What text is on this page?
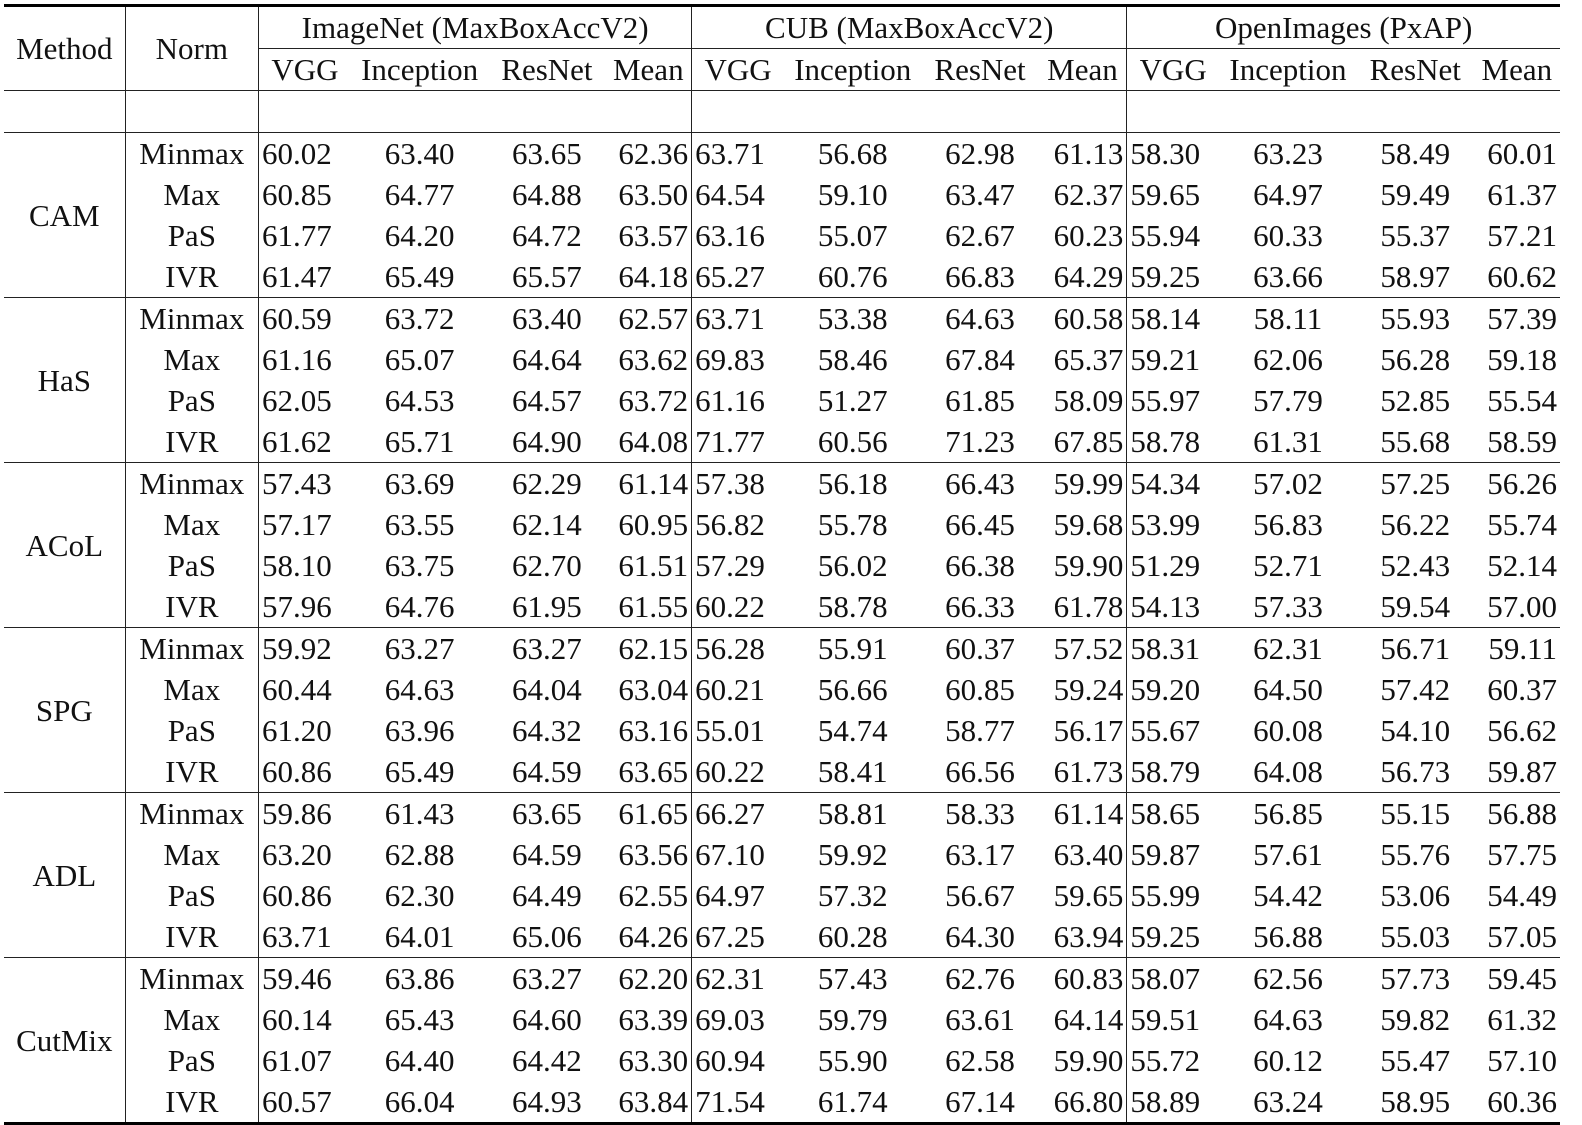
Method	Norm	ImageNet (MaxBoxAccV2)				CUB (MaxBoxAccV2)				OpenImages (PxAP)			
		VGG	Inception	ResNet	Mean	VGG	Inception	ResNet	Mean	VGG	Inception	ResNet	Mean

CAM	Minmax	60.02	63.40	63.65	62.36	63.71	56.68	62.98	61.13	58.30	63.23	58.49	60.01
	Max	60.85	64.77	64.88	63.50	64.54	59.10	63.47	62.37	59.65	64.97	59.49	61.37
	PaS	61.77	64.20	64.72	63.57	63.16	55.07	62.67	60.23	55.94	60.33	55.37	57.21
	IVR	61.47	65.49	65.57	64.18	65.27	60.76	66.83	64.29	59.25	63.66	58.97	60.62
HaS	Minmax	60.59	63.72	63.40	62.57	63.71	53.38	64.63	60.58	58.14	58.11	55.93	57.39
	Max	61.16	65.07	64.64	63.62	69.83	58.46	67.84	65.37	59.21	62.06	56.28	59.18
	PaS	62.05	64.53	64.57	63.72	61.16	51.27	61.85	58.09	55.97	57.79	52.85	55.54
	IVR	61.62	65.71	64.90	64.08	71.77	60.56	71.23	67.85	58.78	61.31	55.68	58.59
ACoL	Minmax	57.43	63.69	62.29	61.14	57.38	56.18	66.43	59.99	54.34	57.02	57.25	56.26
	Max	57.17	63.55	62.14	60.95	56.82	55.78	66.45	59.68	53.99	56.83	56.22	55.74
	PaS	58.10	63.75	62.70	61.51	57.29	56.02	66.38	59.90	51.29	52.71	52.43	52.14
	IVR	57.96	64.76	61.95	61.55	60.22	58.78	66.33	61.78	54.13	57.33	59.54	57.00
SPG	Minmax	59.92	63.27	63.27	62.15	56.28	55.91	60.37	57.52	58.31	62.31	56.71	59.11
	Max	60.44	64.63	64.04	63.04	60.21	56.66	60.85	59.24	59.20	64.50	57.42	60.37
	PaS	61.20	63.96	64.32	63.16	55.01	54.74	58.77	56.17	55.67	60.08	54.10	56.62
	IVR	60.86	65.49	64.59	63.65	60.22	58.41	66.56	61.73	58.79	64.08	56.73	59.87
ADL	Minmax	59.86	61.43	63.65	61.65	66.27	58.81	58.33	61.14	58.65	56.85	55.15	56.88
	Max	63.20	62.88	64.59	63.56	67.10	59.92	63.17	63.40	59.87	57.61	55.76	57.75
	PaS	60.86	62.30	64.49	62.55	64.97	57.32	56.67	59.65	55.99	54.42	53.06	54.49
	IVR	63.71	64.01	65.06	64.26	67.25	60.28	64.30	63.94	59.25	56.88	55.03	57.05
CutMix	Minmax	59.46	63.86	63.27	62.20	62.31	57.43	62.76	60.83	58.07	62.56	57.73	59.45
	Max	60.14	65.43	64.60	63.39	69.03	59.79	63.61	64.14	59.51	64.63	59.82	61.32
	PaS	61.07	64.40	64.42	63.30	60.94	55.90	62.58	59.90	55.72	60.12	55.47	57.10
	IVR	60.57	66.04	64.93	63.84	71.54	61.74	67.14	66.80	58.89	63.24	58.95	60.36
